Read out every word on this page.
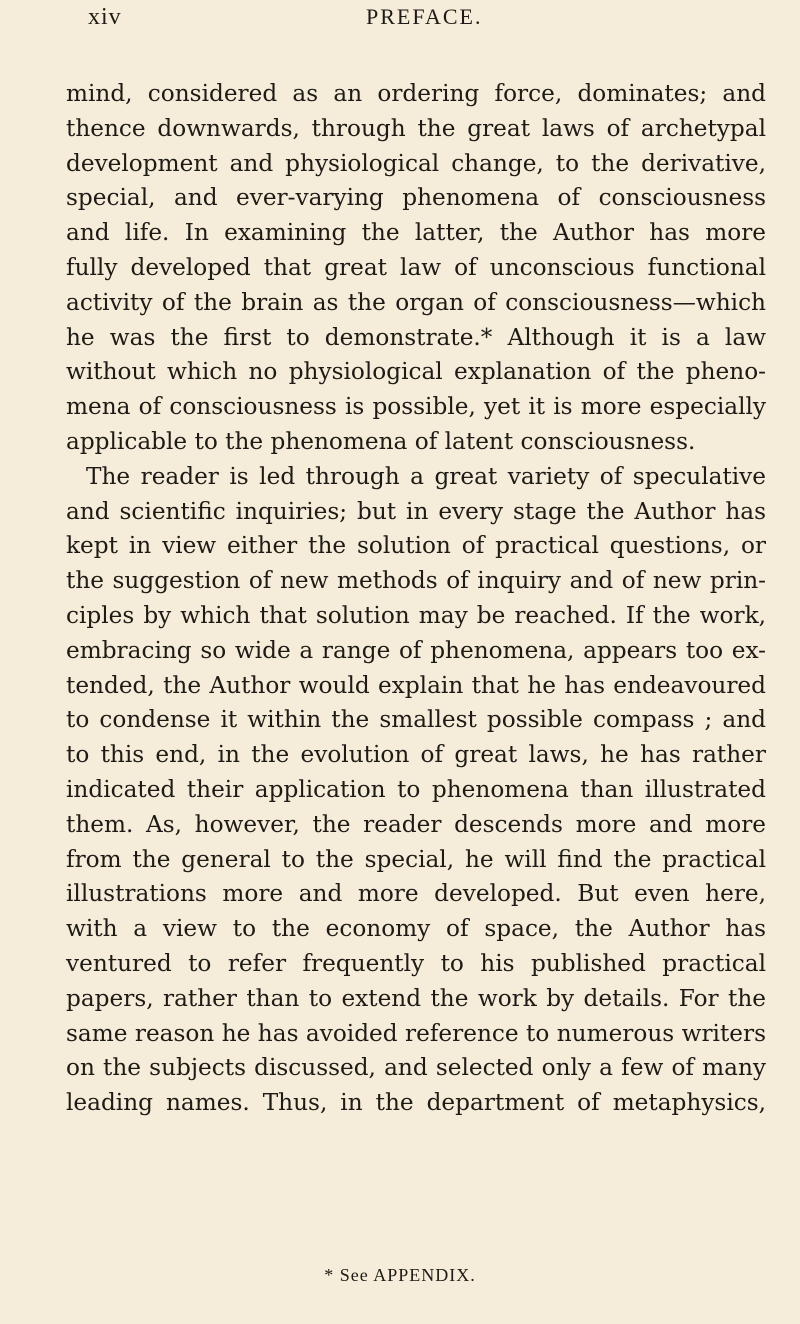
xiv	PREFACE.
mind, considered as an ordering force, dominates; and
thence downwards, through the great laws of archetypal
development and physiological change, to the derivative,
special, and ever-varying phenomena of consciousness
and life. In examining the latter, the Author has more
fully developed that great law of unconscious functional
activity of the brain as the organ of consciousness—which
he was the first to demonstrate.* Although it is a law
without which no physiological explanation of the pheno-
mena of consciousness is possible, yet it is more especially
applicable to the phenomena of latent consciousness.
The reader is led through a great variety of speculative
and scientific inquiries; but in every stage the Author has
kept in view either the solution of practical questions, or
the suggestion of new methods of inquiry and of new prin-
ciples by which that solution may be reached. If the work,
embracing so wide a range of phenomena, appears too ex-
tended, the Author would explain that he has endeavoured
to condense it within the smallest possible compass ; and
to this end, in the evolution of great laws, he has rather
indicated their application to phenomena than illustrated
them. As, however, the reader descends more and more
from the general to the special, he will find the practical
illustrations more and more developed. But even here,
with a view to the economy of space, the Author has
ventured to refer frequently to his published practical
papers, rather than to extend the work by details. For the
same reason he has avoided reference to numerous writers
on the subjects discussed, and selected only a few of many
leading names. Thus, in the department of metaphysics,
* See APPENDIX.
